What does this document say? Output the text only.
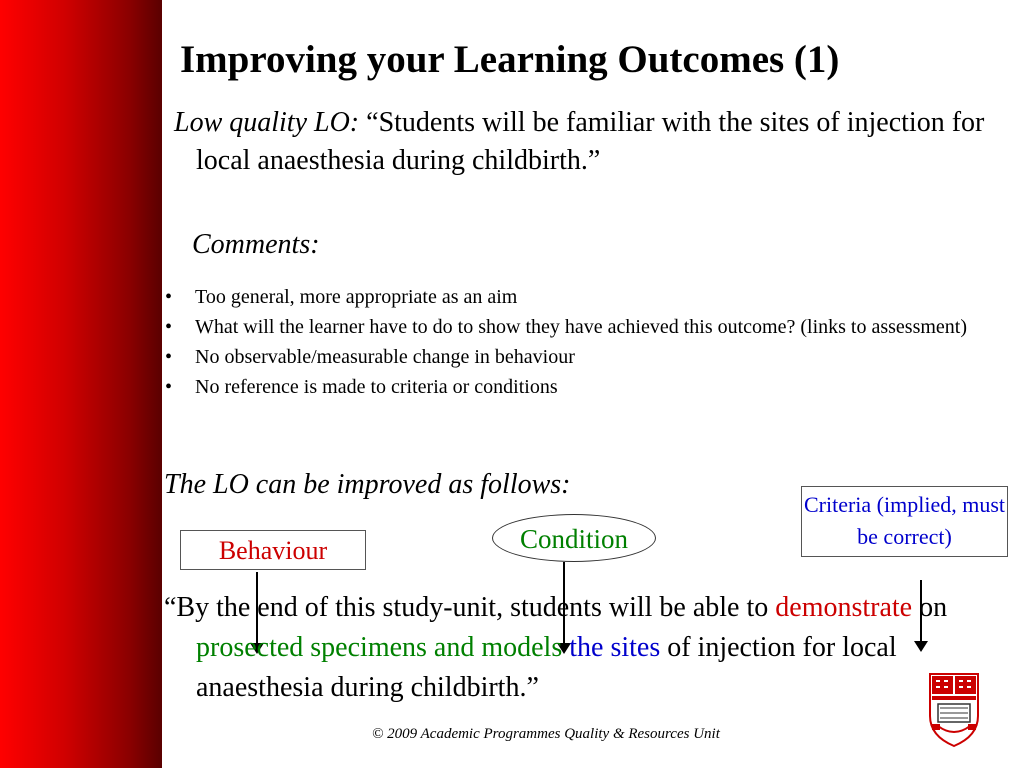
Improving your Learning Outcomes (1)
Low quality LO: “Students will be familiar with the sites of injection for local anaesthesia during childbirth.”
Comments:
• Too general, more appropriate as an aim
• What will the learner have to do to show they have achieved this outcome? (links to assessment)
• No observable/measurable change in behaviour
• No reference is made to criteria or conditions
The LO can be improved as follows:
Criteria (implied, must be correct)
Condition
Behaviour
“By the end of this study-unit, students will be able to demonstrate on prosected specimens and models the sites of injection for local anaesthesia during childbirth.”
© 2009 Academic Programmes Quality & Resources Unit
